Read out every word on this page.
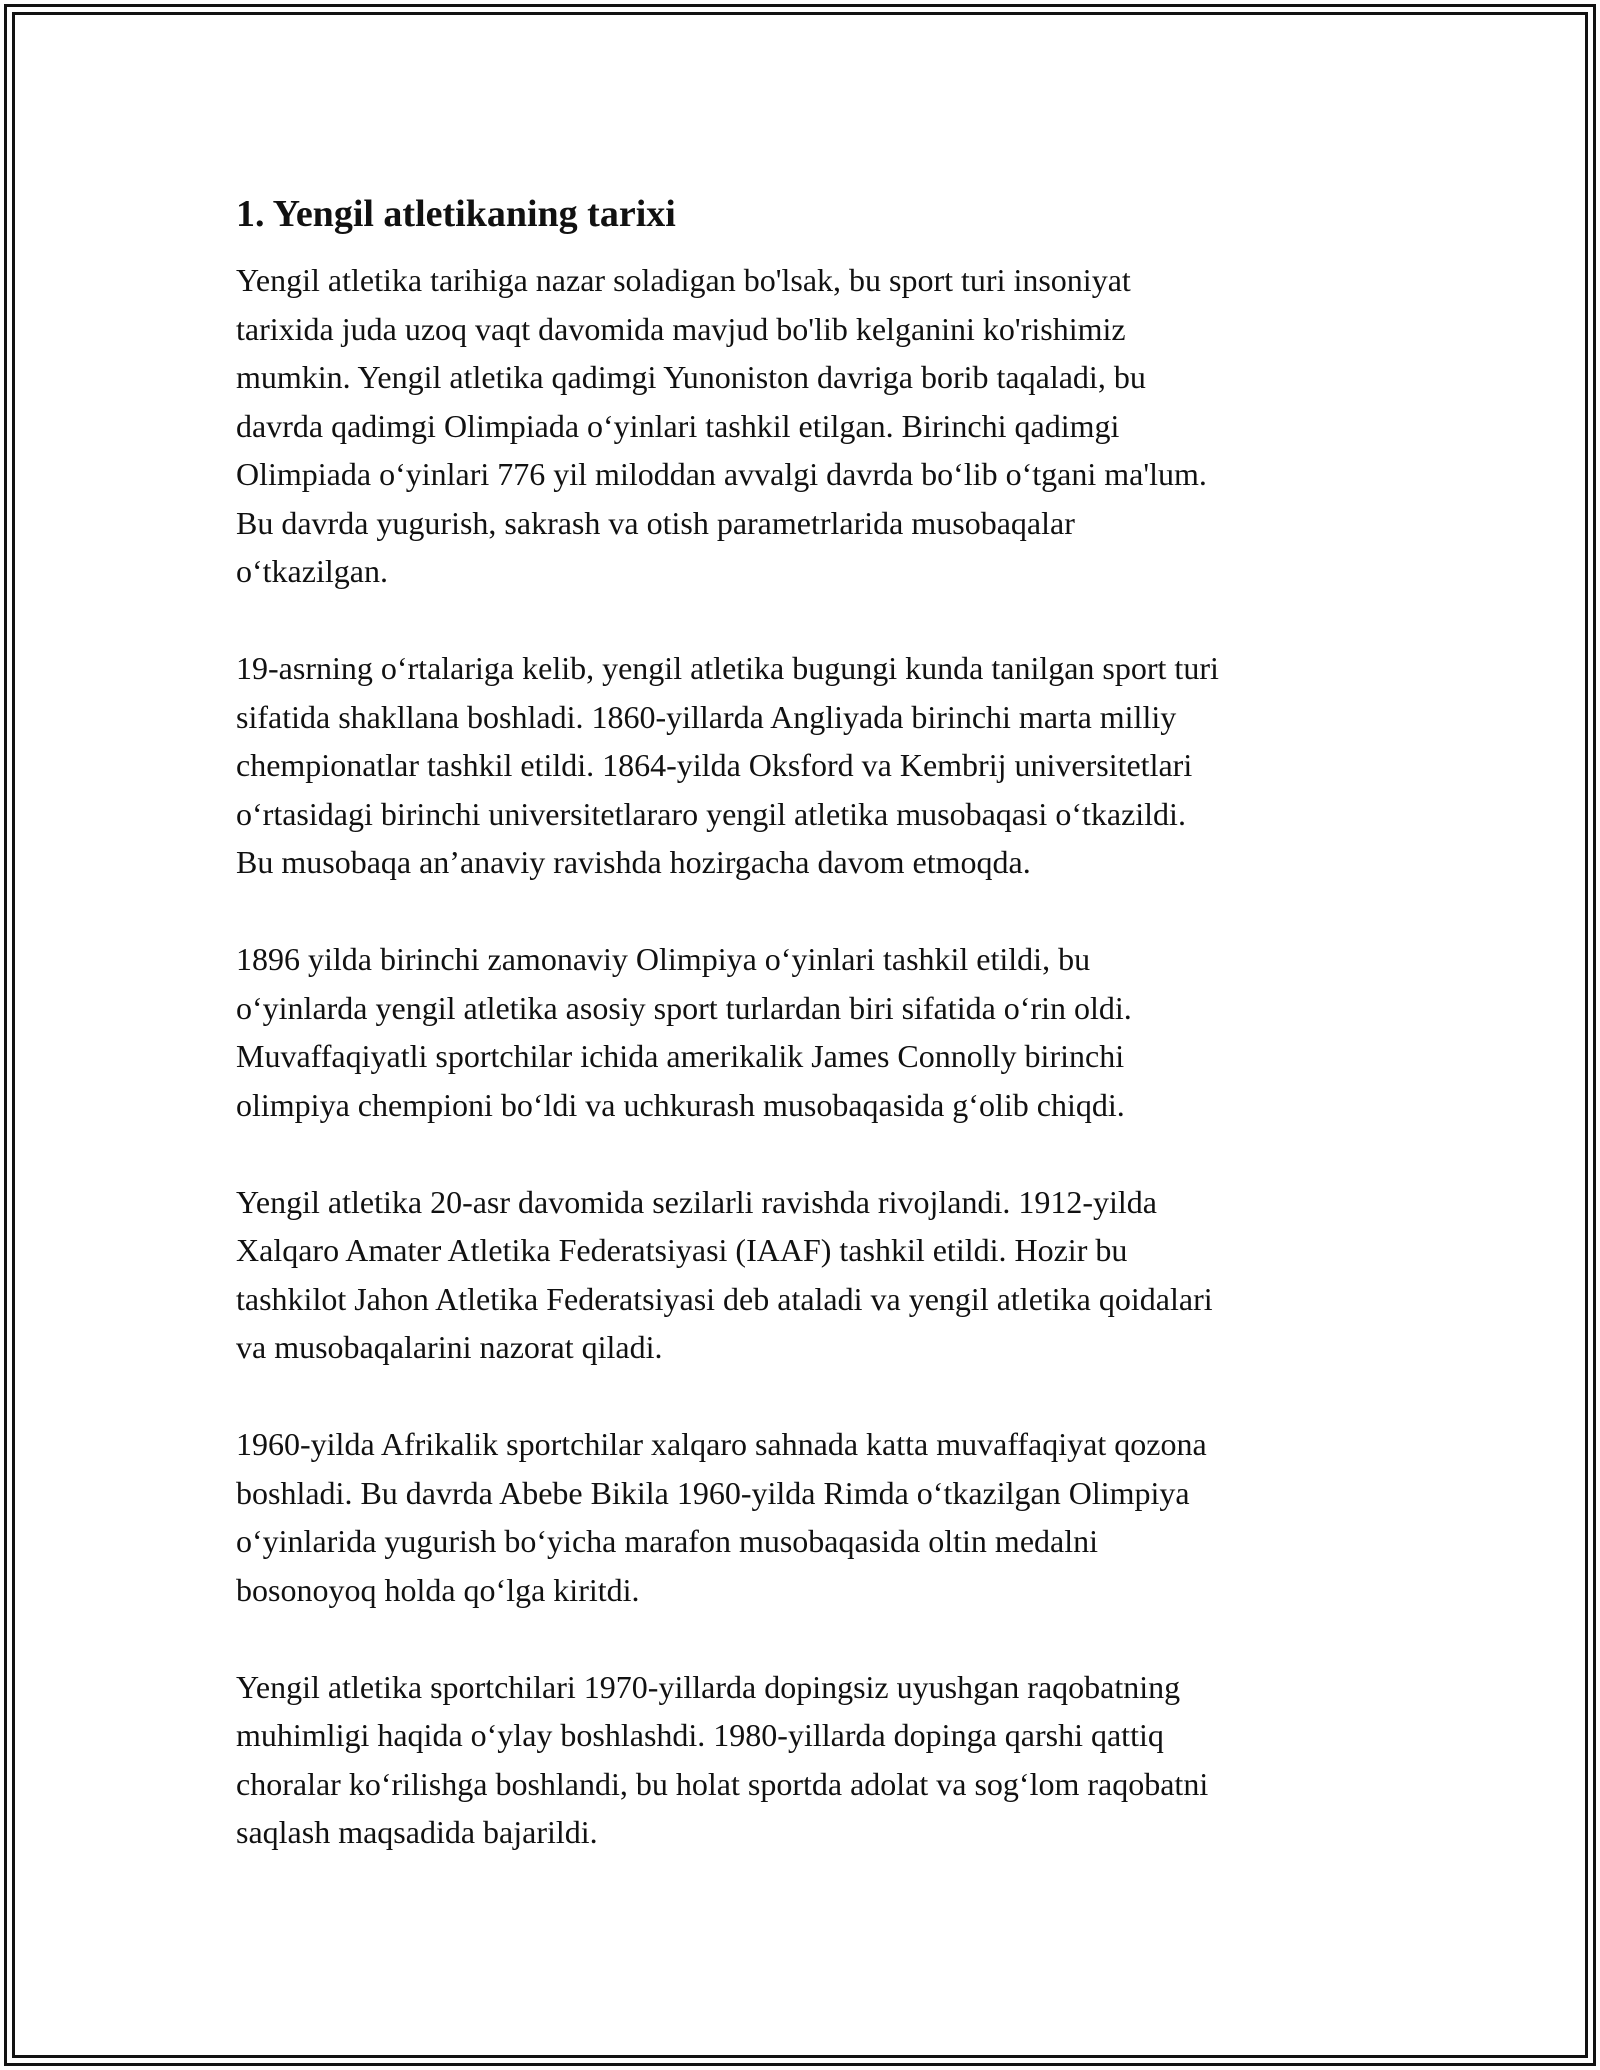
1. Yengil atletikaning tarixi

Yengil atletika tarihiga nazar soladigan bo'lsak, bu sport turi insoniyat
tarixida juda uzoq vaqt davomida mavjud bo'lib kelganini ko'rishimiz
mumkin. Yengil atletika qadimgi Yunoniston davriga borib taqaladi, bu
davrda qadimgi Olimpiada o‘yinlari tashkil etilgan. Birinchi qadimgi
Olimpiada o‘yinlari 776 yil miloddan avvalgi davrda bo‘lib o‘tgani ma'lum.
Bu davrda yugurish, sakrash va otish parametrlarida musobaqalar
o‘tkazilgan.

19-asrning o‘rtalariga kelib, yengil atletika bugungi kunda tanilgan sport turi
sifatida shakllana boshladi. 1860-yillarda Angliyada birinchi marta milliy
chempionatlar tashkil etildi. 1864-yilda Oksford va Kembrij universitetlari
o‘rtasidagi birinchi universitetlararo yengil atletika musobaqasi o‘tkazildi.
Bu musobaqa an’anaviy ravishda hozirgacha davom etmoqda.

1896 yilda birinchi zamonaviy Olimpiya o‘yinlari tashkil etildi, bu
o‘yinlarda yengil atletika asosiy sport turlardan biri sifatida o‘rin oldi.
Muvaffaqiyatli sportchilar ichida amerikalik James Connolly birinchi
olimpiya chempioni bo‘ldi va uchkurash musobaqasida g‘olib chiqdi.

Yengil atletika 20-asr davomida sezilarli ravishda rivojlandi. 1912-yilda
Xalqaro Amater Atletika Federatsiyasi (IAAF) tashkil etildi. Hozir bu
tashkilot Jahon Atletika Federatsiyasi deb ataladi va yengil atletika qoidalari
va musobaqalarini nazorat qiladi.

1960-yilda Afrikalik sportchilar xalqaro sahnada katta muvaffaqiyat qozona
boshladi. Bu davrda Abebe Bikila 1960-yilda Rimda o‘tkazilgan Olimpiya
o‘yinlarida yugurish bo‘yicha marafon musobaqasida oltin medalni
bosonoyoq holda qo‘lga kiritdi.

Yengil atletika sportchilari 1970-yillarda dopingsiz uyushgan raqobatning
muhimligi haqida o‘ylay boshlashdi. 1980-yillarda dopinga qarshi qattiq
choralar ko‘rilishga boshlandi, bu holat sportda adolat va sog‘lom raqobatni
saqlash maqsadida bajarildi.
